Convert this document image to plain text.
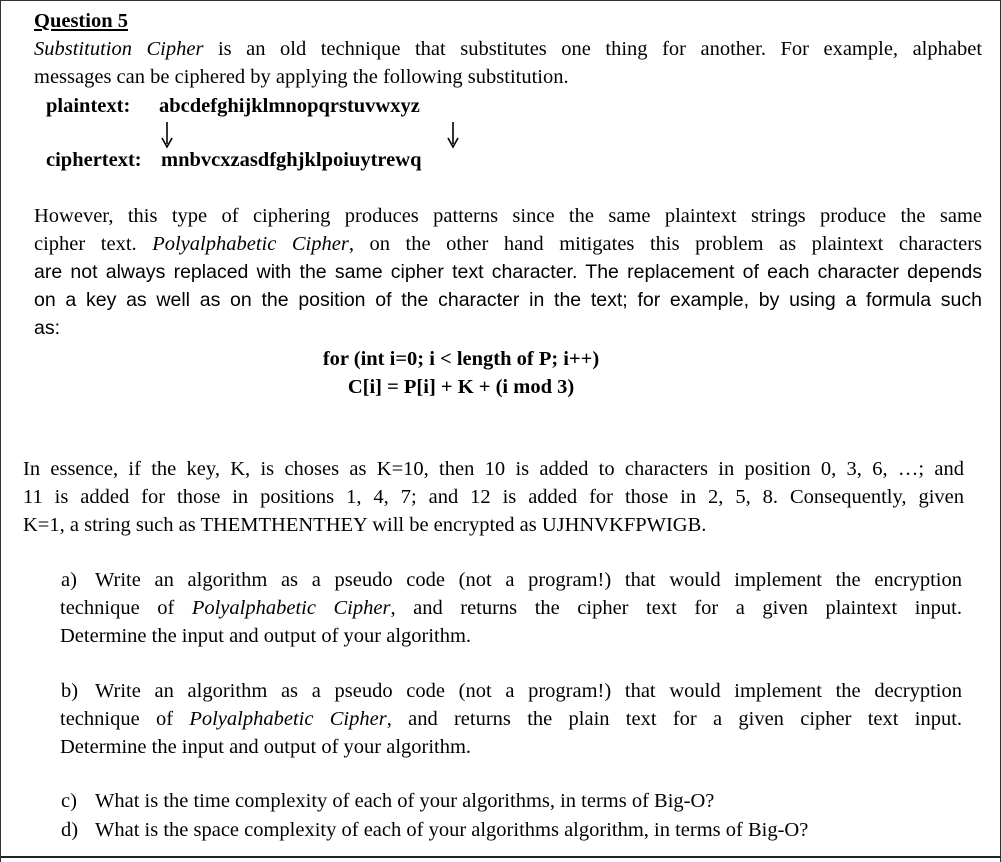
Question 5
Substitution Cipher is an old technique that substitutes one thing for another. For example, alphabet
messages can be ciphered by applying the following substitution.
plaintext: abcdefghijklmnopqrstuvwxyz
ciphertext: mnbvcxzasdfghjklpoiuytrewq
However, this type of ciphering produces patterns since the same plaintext strings produce the same
cipher text. Polyalphabetic Cipher, on the other hand mitigates this problem as plaintext characters
are not always replaced with the same cipher text character. The replacement of each character depends
on a key as well as on the position of the character in the text; for example, by using a formula such
as:
for (int i=0; i < length of P; i++)
C[i] = P[i] + K + (i mod 3)
In essence, if the key, K, is choses as K=10, then 10 is added to characters in position 0, 3, 6, …; and
11 is added for those in positions 1, 4, 7; and 12 is added for those in 2, 5, 8. Consequently, given
K=1, a string such as THEMTHENTHEY will be encrypted as UJHNVKFPWIGB.
a) Write an algorithm as a pseudo code (not a program!) that would implement the encryption
technique of Polyalphabetic Cipher, and returns the cipher text for a given plaintext input.
Determine the input and output of your algorithm.
b) Write an algorithm as a pseudo code (not a program!) that would implement the decryption
technique of Polyalphabetic Cipher, and returns the plain text for a given cipher text input.
Determine the input and output of your algorithm.
c) What is the time complexity of each of your algorithms, in terms of Big-O?
d) What is the space complexity of each of your algorithms algorithm, in terms of Big-O?
